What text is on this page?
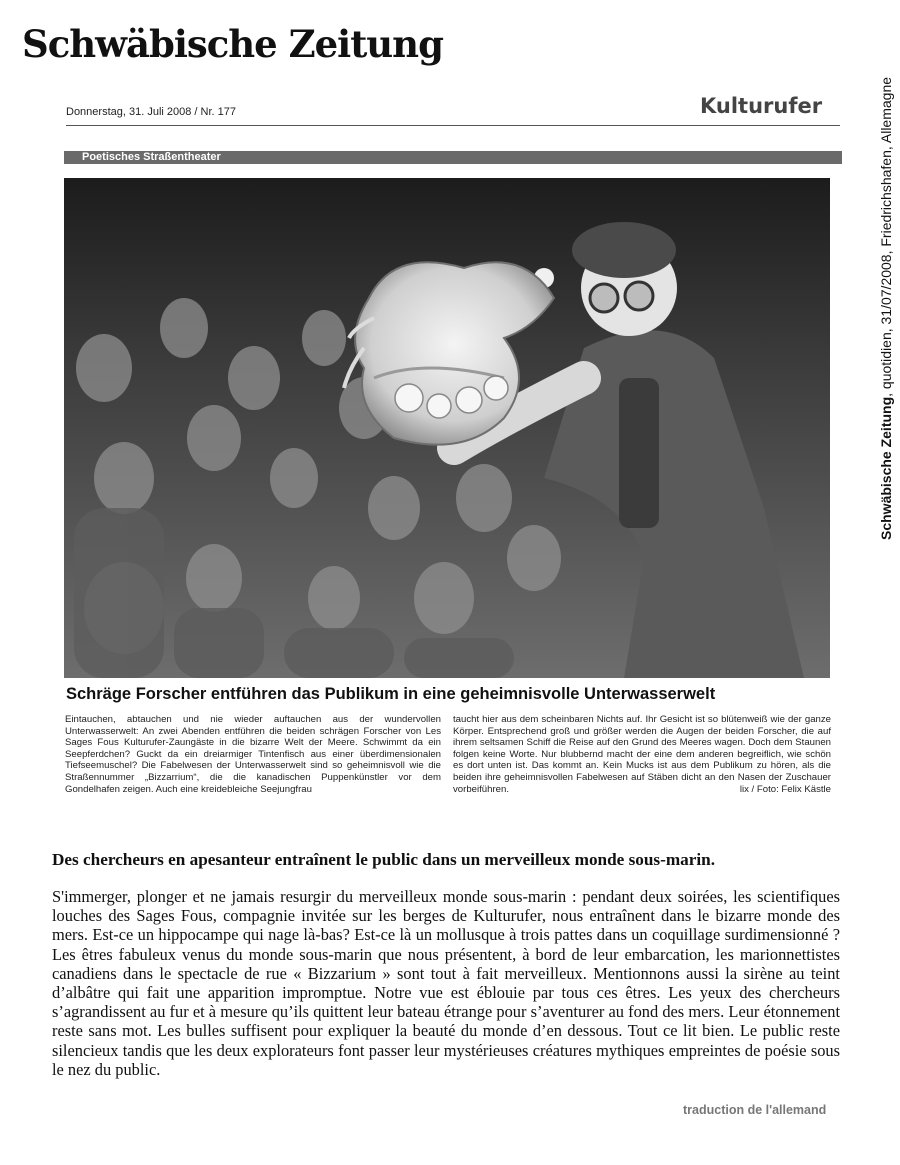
Schwäbische Zeitung
Donnerstag, 31. Juli 2008 / Nr. 177	Kulturufer
Poetisches Straßentheater
Schräge Forscher entführen das Publikum in eine geheimnisvolle Unterwasserwelt
Eintauchen, abtauchen und nie wieder auftauchen aus der wundervollen Unterwasserwelt: An zwei Abenden entführen die beiden schrägen Forscher von Les Sages Fous Kulturufer-Zaungäste in die bizarre Welt der Meere. Schwimmt da ein Seepferdchen? Guckt da ein dreiarmiger Tintenfisch aus einer überdimensionalen Tiefseemuschel? Die Fabelwesen der Unterwasserwelt sind so geheimnisvoll wie die Straßennummer „Bizzarrium“, die die kanadischen Puppenkünstler vor dem Gondelhafen zeigen. Auch eine kreidebleiche Seejungfrau
taucht hier aus dem scheinbaren Nichts auf. Ihr Gesicht ist so blütenweiß wie der ganze Körper. Entsprechend groß und größer werden die Augen der beiden Forscher, die auf ihrem seltsamen Schiff die Reise auf den Grund des Meeres wagen. Doch dem Staunen folgen keine Worte. Nur blubbernd macht der eine dem anderen begreiflich, wie schön es dort unten ist. Das kommt an. Kein Mucks ist aus dem Publikum zu hören, als die beiden ihre geheimnisvollen Fabelwesen auf Stäben dicht an den Nasen der Zuschauer vorbeiführen.	lix / Foto: Felix Kästle
Schwäbische Zeitung, quotidien, 31/07/2008, Friedrichshafen, Allemagne
Des chercheurs en apesanteur entraînent le public dans un merveilleux monde sous-marin.
S'immerger, plonger et ne jamais resurgir du merveilleux monde sous-marin : pendant deux soirées, les scientifiques louches des Sages Fous, compagnie invitée sur les berges de Kulturufer, nous entraînent dans le bizarre monde des mers. Est-ce un hippocampe qui nage là-bas? Est-ce là un mollusque à trois pattes dans un coquillage surdimensionné ? Les êtres fabuleux venus du monde sous-marin que nous présentent, à bord de leur embarcation, les marionnettistes canadiens dans le spectacle de rue « Bizzarium » sont tout à fait merveilleux. Mentionnons aussi la sirène au teint d’albâtre qui fait une apparition impromptue. Notre vue est éblouie par tous ces êtres. Les yeux des chercheurs s’agrandissent au fur et à mesure qu’ils quittent leur bateau étrange pour s’aventurer au fond des mers. Leur étonnement reste sans mot. Les bulles suffisent pour expliquer la beauté du monde d’en dessous. Tout ce lit bien. Le public reste silencieux tandis que les deux explorateurs font passer leur mystérieuses créatures mythiques empreintes de poésie sous le nez du public.
traduction de l'allemand
